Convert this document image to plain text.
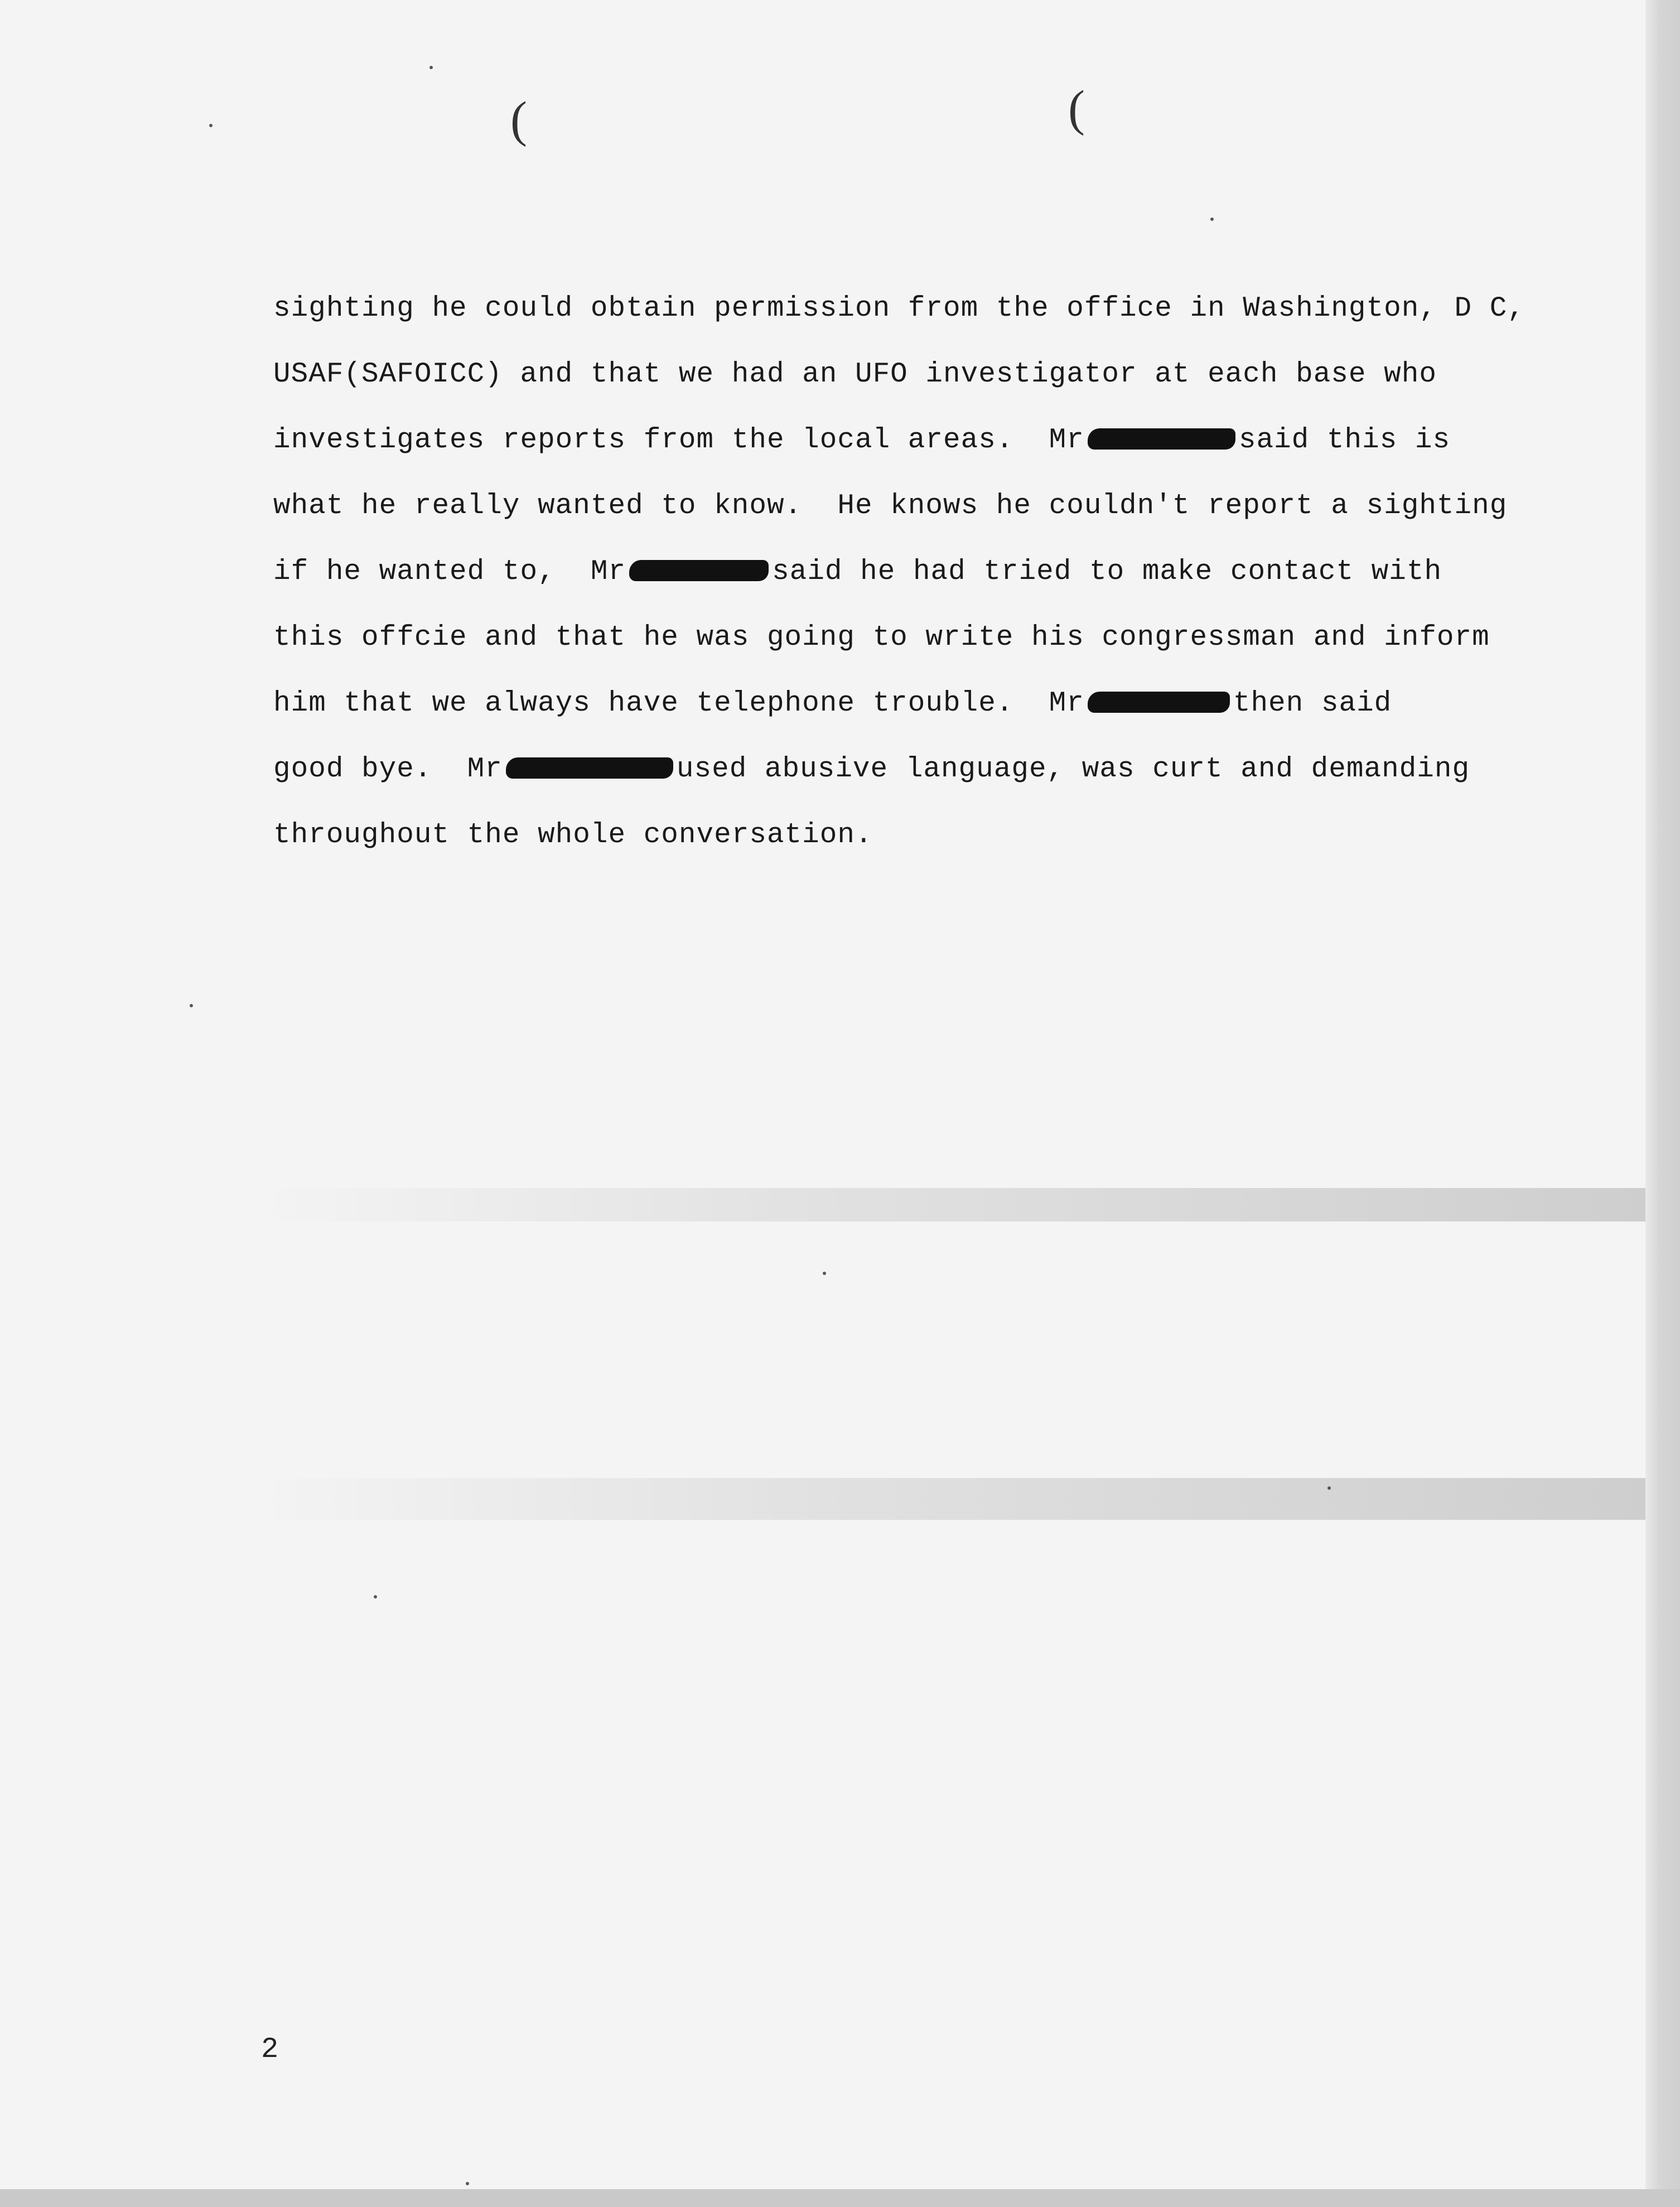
(	(
sighting he could obtain permission from the office in Washington, D C,
USAF(SAFOICC) and that we had an UFO investigator at each base who
investigates reports from the local areas.  Mr	said this is
what he really wanted to know.  He knows he couldn't report a sighting
if he wanted to,  Mr	said he had tried to make contact with
this offcie and that he was going to write his congressman and inform
him that we always have telephone trouble.  Mr	then said
good bye.  Mr	used abusive language, was curt and demanding
throughout the whole conversation.
2
